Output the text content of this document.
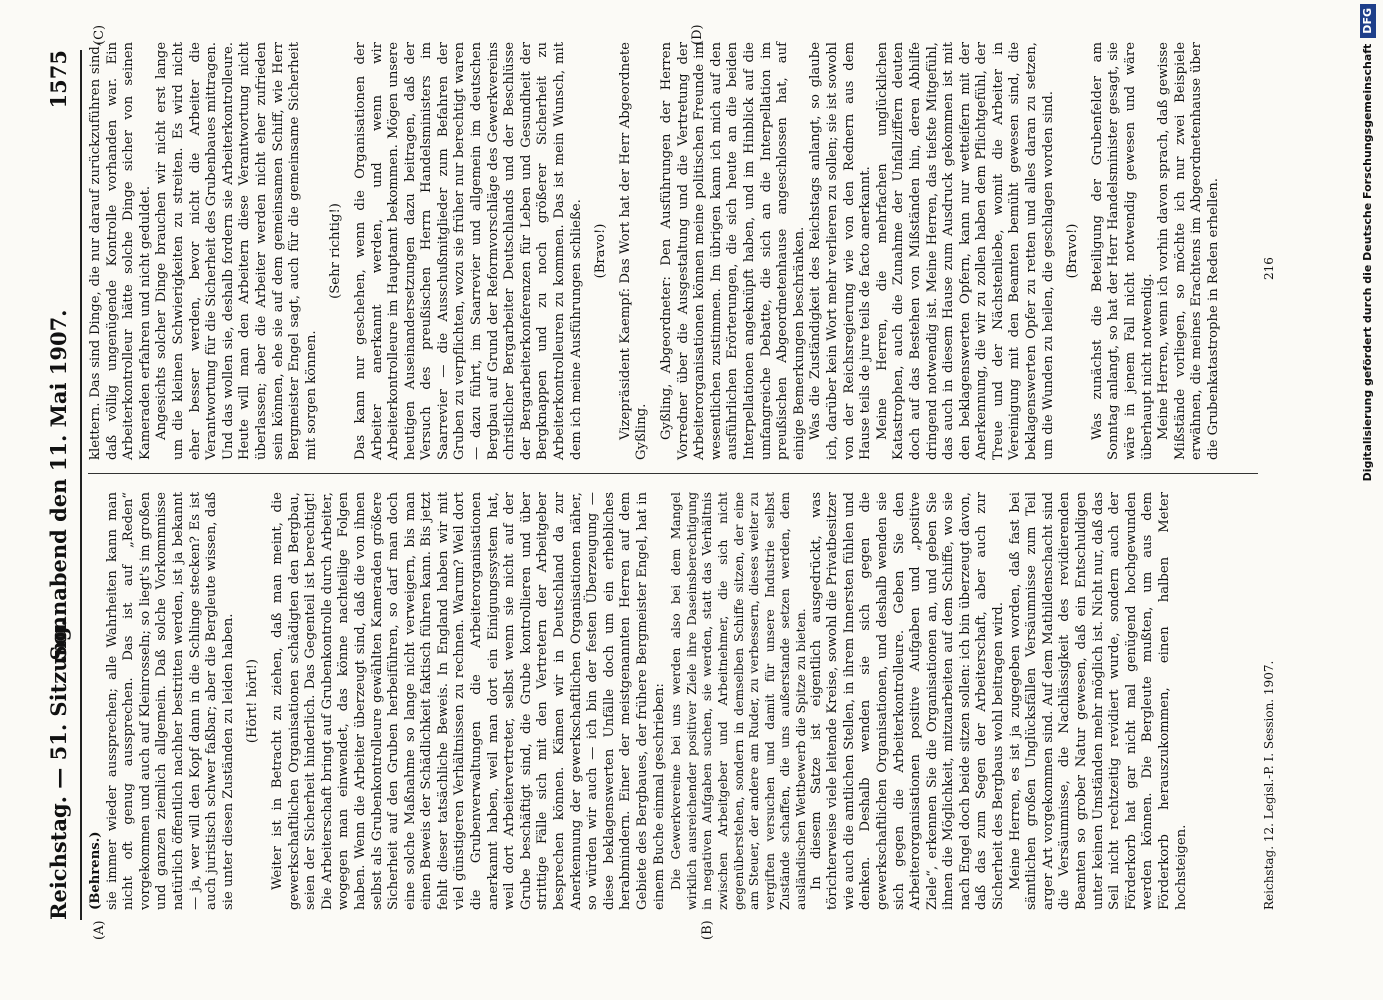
Reichstag. — 51. Sitzung.
Sonnabend den 11. Mai 1907.
1575
(A)	(B)
(C)	(D)

(Behrens.) sie immer wieder aussprechen; alle Wahrheiten kann man nicht oft genug aussprechen. Das ist auf „Reden“ vorgekommen und auch auf Kleinrosseln; so liegt's im großen und ganzen ziemlich allgemein. Daß solche Vorkommnisse natürlich öffentlich nachher bestritten werden, ist ja bekannt — ja, wer will den Kopf dann in die Schlinge stecken? Es ist auch juristisch schwer faßbar; aber die Bergleute wissen, daß sie unter diesen Zuständen zu leiden haben. (Hört! hört!) Weiter ist in Betracht zu ziehen, daß man meint, die gewerkschaftlichen Organisationen schädigten den Bergbau, seien der Sicherheit hinderlich. Das Gegenteil ist berechtigt! Die Arbeiterschaft bringt auf Grubenkontrolle durch Arbeiter, wogegen man einwendet, das könne nachteilige Folgen haben. Wenn die Arbeiter überzeugt sind, daß die von ihnen selbst als Grubenkontrolleure gewählten Kameraden größere Sicherheit auf den Gruben herbeiführen, so darf man doch eine solche Maßnahme so lange nicht verweigern, bis man einen Beweis der Schädlichkeit faktisch führen kann. Bis jetzt fehlt dieser tatsächliche Beweis. In England haben wir mit viel günstigeren Verhältnissen zu rechnen. Warum? Weil dort die Grubenverwaltungen die Arbeiterorganisationen anerkannt haben, weil man dort ein Einigungssystem hat, weil dort Arbeitervertreter, selbst wenn sie nicht auf der Grube beschäftigt sind, die Grube kontrollieren und über strittige Fälle sich mit den Vertretern der Arbeitgeber besprechen können. Kämen wir in Deutschland da zur Anerkennung der gewerkschaftlichen Organisationen näher, so würden wir auch — ich bin der festen Überzeugung — diese beklagenswerten Unfälle doch um ein erhebliches herabmindern. Einer der meistgenannten Herren auf dem Gebiete des Bergbaues, der frühere Bergmeister Engel, hat in einem Buche einmal geschrieben: Die Gewerkvereine bei uns werden also bei dem Mangel wirklich ausreichender positiver Ziele ihre Daseinsberechtigung in negativen Aufgaben suchen, sie werden, statt das Verhältnis zwischen Arbeitgeber und Arbeitnehmer, die sich nicht gegenüberstehen, sondern in demselben Schiffe sitzen, der eine am Steuer, der andere am Ruder, zu verbessern, dieses weiter zu vergiften versuchen und damit für unsere Industrie selbst Zustände schaffen, die uns außerstande setzen werden, dem ausländischen Wettbewerb die Spitze zu bieten. In diesem Satze ist eigentlich ausgedrückt, was törichterweise viele leitende Kreise, sowohl die Privatbesitzer wie auch die amtlichen Stellen, in ihrem Innersten fühlen und denken. Deshalb wenden sie sich gegen die gewerkschaftlichen Organisationen, und deshalb wenden sie sich gegen die Arbeiterkontrolleure. Geben Sie den Arbeiterorganisationen positive Aufgaben und „positive Ziele“, erkennen Sie die Organisationen an, und geben Sie ihnen die Möglichkeit, mitzuarbeiten auf dem Schiffe, wo sie nach Engel doch beide sitzen sollen: ich bin überzeugt davon, daß das zum Segen der Arbeiterschaft, aber auch zur Sicherheit des Bergbaus wohl beitragen wird. Meine Herren, es ist ja zugegeben worden, daß fast bei sämtlichen großen Unglücksfällen Versäumnisse zum Teil arger Art vorgekommen sind. Auf dem Mathildenschacht sind die Versäumnisse, die Nachlässigkeit des revidierenden Beamten so grober Natur gewesen, daß ein Entschuldigen unter keinen Umständen mehr möglich ist. Nicht nur, daß das Seil nicht rechtzeitig revidiert wurde, sondern auch der Förderkorb hat gar nicht mal genügend hochgewunden werden können. Die Bergleute mußten, um aus dem Förderkorb herauszukommen, einen halben Meter hochsteigen.	Reichstag. 12. Legisl.-P. I. Session. 1907.

klettern. Das sind Dinge, die nur darauf zurückzuführen sind, daß völlig ungenügende Kontrolle vorhanden war. Ein Arbeiterkontrolleur hätte solche Dinge sicher von seinen Kameraden erfahren und nicht geduldet. Angesichts solcher Dinge brauchen wir nicht erst lange um die kleinen Schwierigkeiten zu streiten. Es wird nicht eher besser werden, bevor nicht die Arbeiter die Verantwortung für die Sicherheit des Grubenbaues mittragen. Und das wollen sie, deshalb fordern sie Arbeiterkontrolleure. Heute will man den Arbeitern diese Verantwortung nicht überlassen; aber die Arbeiter werden nicht eher zufrieden sein können, ehe sie auf dem gemeinsamen Schiff, wie Herr Bergmeister Engel sagt, auch für die gemeinsame Sicherheit mit sorgen können.

(Sehr richtig!) Das kann nur geschehen, wenn die Organisationen der Arbeiter anerkannt werden, und wenn wir Arbeiterkontrolleure im Hauptamt bekommen. Mögen unsere heutigen Auseinandersetzungen dazu beitragen, daß der Versuch des preußischen Herrn Handelsministers im Saarrevier — die Ausschußmitglieder zum Befahren der Gruben zu verpflichten, wozu sie früher nur berechtigt waren — dazu führt, im Saarrevier und allgemein im deutschen Bergbau auf Grund der Reformvorschläge des Gewerkvereins christlicher Bergarbeiter Deutschlands und der Beschlüsse der Bergarbeiterkonferenzen für Leben und Gesundheit der Bergknappen und zu noch größerer Sicherheit zu Arbeiterkontrolleuren zu kommen. Das ist mein Wunsch, mit dem ich meine Ausführungen schließe. (Bravo!) Vizepräsident Kaempf: Das Wort hat der Herr Abgeordnete Gyßling. Gyßling, Abgeordneter: Den Ausführungen der Herren Vorredner über die Ausgestaltung und die Vertretung der Arbeiterorganisationen können meine politischen Freunde im wesentlichen zustimmen. Im übrigen kann ich mich auf den ausführlichen Erörterungen, die sich heute an die beiden Interpellationen angeknüpft haben, und im Hinblick auf die umfangreiche Debatte, die sich an die Interpellation im preußischen Abgeordnetenhause angeschlossen hat, auf einige Bemerkungen beschränken. Was die Zuständigkeit des Reichstags anlangt, so glaube ich, darüber kein Wort mehr verlieren zu sollen; sie ist sowohl von der Reichsregierung wie von den Rednern aus dem Hause teils de jure teils de facto anerkannt. Meine Herren, die mehrfachen unglücklichen Katastrophen, auch die Zunahme der Unfallziffern deuten doch auf das Bestehen von Mißständen hin, deren Abhilfe dringend notwendig ist. Meine Herren, das tiefste Mitgefühl, das auch in diesem Hause zum Ausdruck gekommen ist mit den beklagenswerten Opfern, kann nur wetteifern mit der Anerkennung, die wir zu zollen haben dem Pflichtgefühl, der Treue und der Nächstenliebe, womit die Arbeiter in Vereinigung mit den Beamten bemüht gewesen sind, die beklagenswerten Opfer zu retten und alles daran zu setzen, um die Wunden zu heilen, die geschlagen worden sind. (Bravo!) Was zunächst die Beteiligung der Grubenfelder am Sonntag anlangt, so hat der Herr Handelsminister gesagt, sie wäre in jenem Fall nicht notwendig gewesen und wäre überhaupt nicht notwendig. Meine Herren, wenn ich vorhin davon sprach, daß gewisse Mißstände vorliegen, so möchte ich nur zwei Beispiele erwähnen, die meines Erachtens im Abgeordnetenhause über die Grubenkatastrophe in Reden erhellen.	216	Digitalisierung gefördert durch die Deutsche ForschungsgemeinschaftDFG
